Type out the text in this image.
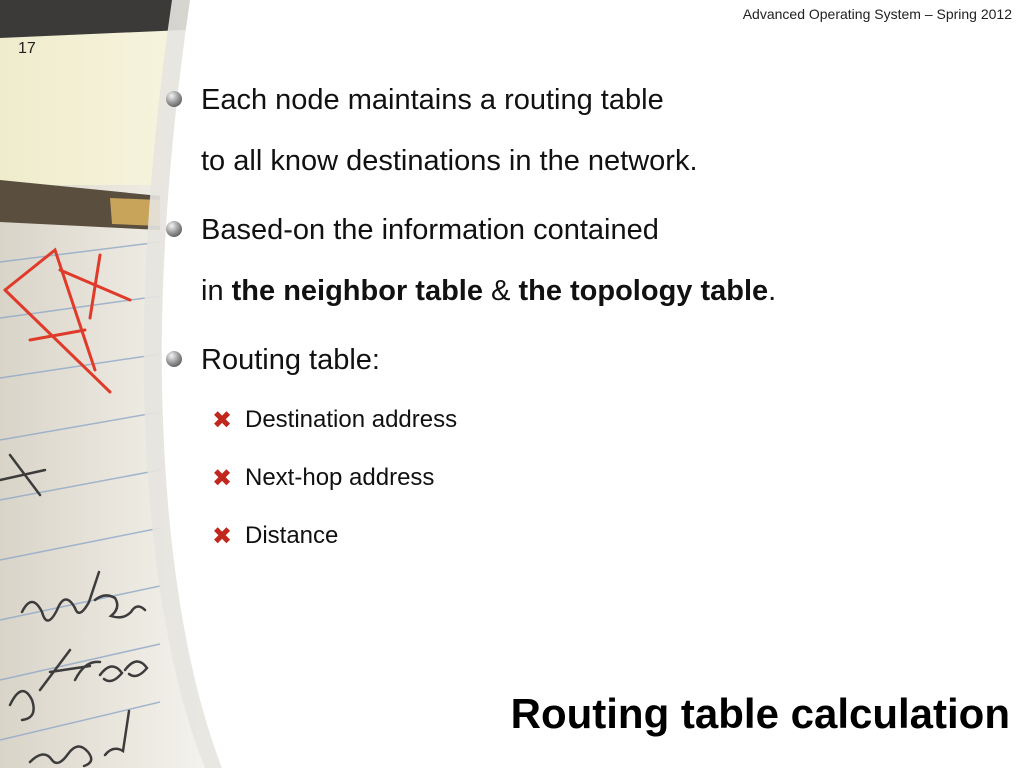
Advanced Operating System – Spring 2012
17
Each node maintains a routing table
to all know destinations in the network.
Based-on the information contained
in the neighbor table & the topology table.
Routing table:
✖ Destination address
✖ Next-hop address
✖ Distance
Routing table calculation
